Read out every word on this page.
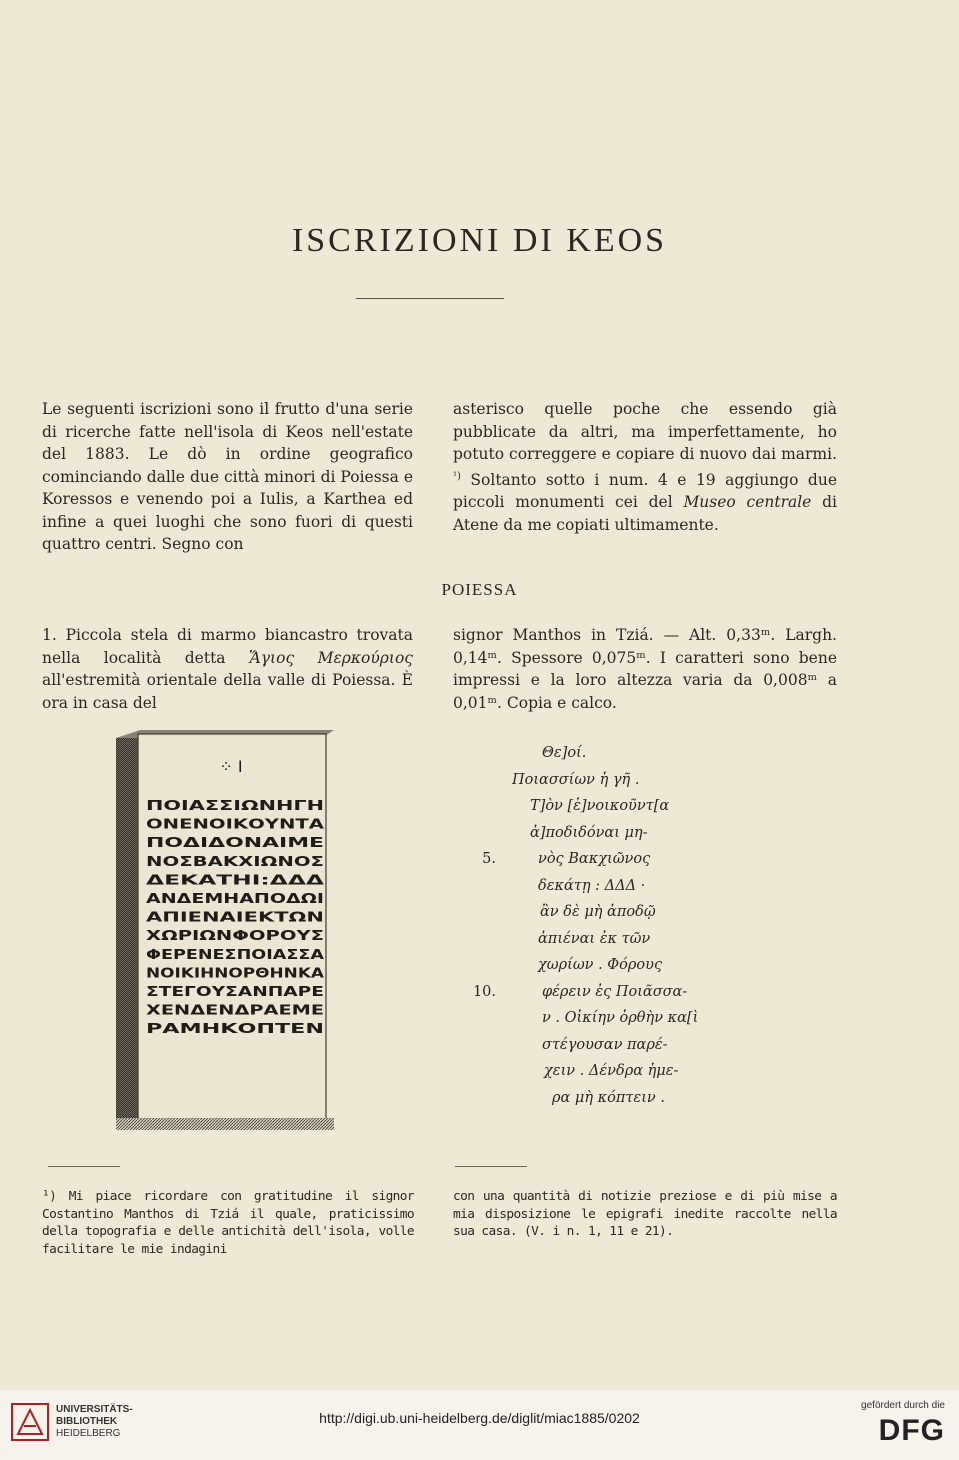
ISCRIZIONI DI KEOS
Le seguenti iscrizioni sono il frutto d'una serie di ricerche fatte nell'isola di Keos nell'estate del 1883. Le dò in ordine geografico cominciando dalle due città minori di Poiessa e Koressos e venendo poi a Iulis, a Karthea ed infine a quei luoghi che sono fuori di questi quattro centri. Segno con
asterisco quelle poche che essendo già pubblicate da altri, ma imperfettamente, ho potuto correggere e copiare di nuovo dai marmi. $^{^1)}$ Soltanto sotto i num. 4 e 19 aggiungo due piccoli monumenti cei del Museo centrale di Atene da me copiati ultimamente.
POIESSA
1. Piccola stela di marmo biancastro trovata nella località detta Ἅγιος Μερκούριος all'estremità orientale della valle di Poiessa. È ora in casa del
signor Manthos in Tziá. — Alt. 0,33ᵐ. Largh. 0,14ᵐ. Spessore 0,075ᵐ. I caratteri sono bene impressi e la loro altezza varia da 0,008ᵐ a 0,01ᵐ. Copia e calco.
⁘ I
ΠΟΙΑΣΣΙΩΝΗΓΗ
ΟΝΕΝΟΙΚΟΥΝΤΑ
ΠΟΔΙΔΟΝΑΙΜΕ
ΝΟΣΒΑΚΧΙΩΝΟΣ
ΔΕΚΑΤΗΙ:ΔΔΔ
ΑΝΔΕΜΗΑΠΟΔΩΙ
ΑΠΙΕΝΑΙΕΚΤΩΝ
ΧΩΡΙΩΝΦΟΡΟΥΣ
ΦΕΡΕΝΕΣΠΟΙΑΣΣΑ
ΝΟΙΚΙΗΝΟΡΘΗΝΚΑ
ΣΤΕΓΟΥΣΑΝΠΑΡΕ
ΧΕΝΔΕΝΔΡΑΕΜΕ
ΡΑΜΗΚΟΠΤΕΝ
Θε]οί.
Ποιασσίων ἡ γῆ .
Τ]ὸν [ἐ]νοικοῦντ[α
ἀ]ποδιδόναι μη-
5.	νὸς Βακχιῶνος
δεκάτῃ : ΔΔΔ ·
ἂν δὲ μὴ ἀποδῷ
ἀπιέναι ἐκ τῶν
χωρίων . Φόρους
10.	φέρειν ἐς Ποιᾶσσα-
ν . Οἰκίην ὀρθὴν κα[ὶ
στέγουσαν παρέ-
χειν . Δένδρα ἡμε-
ρα μὴ κόπτειν .
¹) Mi piace ricordare con gratitudine il signor Costantino Manthos di Tziá il quale, praticissimo della topografia e delle antichità dell'isola, volle facilitare le mie indagini
con una quantità di notizie preziose e di più mise a mia disposizione le epigrafi inedite raccolte nella sua casa. (V. i n. 1, 11 e 21).
UNIVERSITÄTS-
BIBLIOTHEK
HEIDELBERG
http://digi.ub.uni-heidelberg.de/diglit/miac1885/0202
gefördert durch die
DFG
